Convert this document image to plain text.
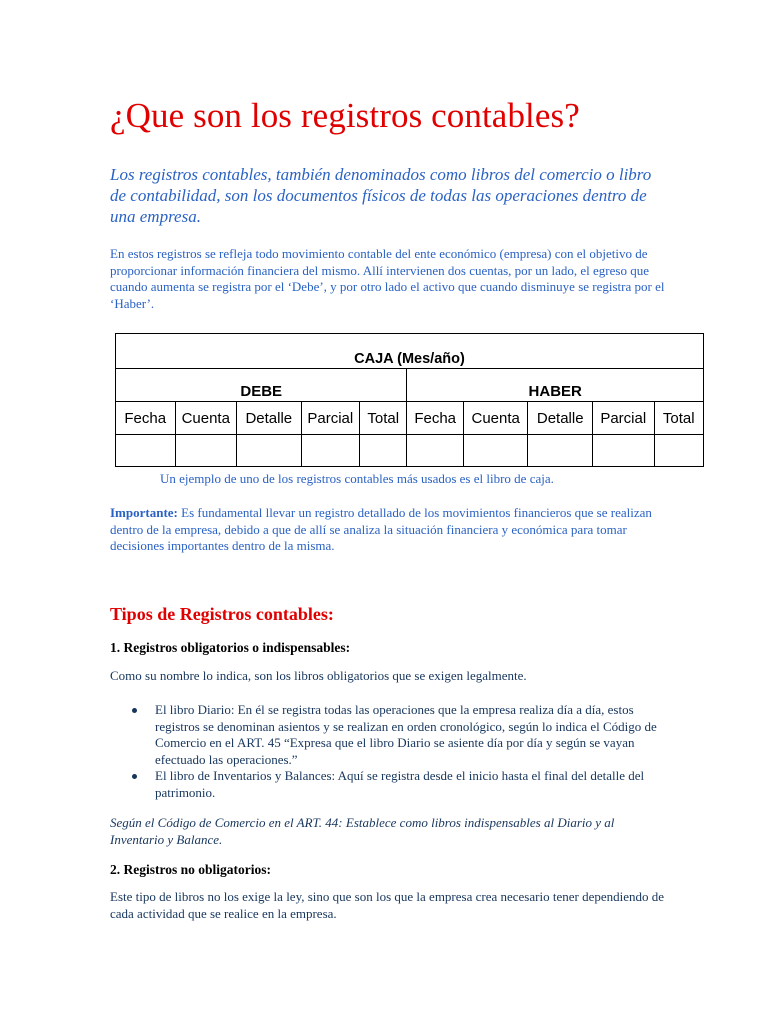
¿Que son los registros contables?

Los registros contables, también denominados como libros del comercio o libro de contabilidad, son los documentos físicos de todas las operaciones dentro de una empresa.

En estos registros se refleja todo movimiento contable del ente económico (empresa) con el objetivo de proporcionar información financiera del mismo. Allí intervienen dos cuentas, por un lado, el egreso que cuando aumenta se registra por el ‘Debe’, y por otro lado el activo que cuando disminuye se registra por el ‘Haber’.

CAJA (Mes/año)									
DEBE					HABER				
Fecha	Cuenta	Detalle	Parcial	Total	Fecha	Cuenta	Detalle	Parcial	Total

Un ejemplo de uno de los registros contables más usados es el libro de caja.

Importante: Es fundamental llevar un registro detallado de los movimientos financieros que se realizan dentro de la empresa, debido a que de allí se analiza la situación financiera y económica para tomar decisiones importantes dentro de la misma.

Tipos de Registros contables:
1. Registros obligatorios o indispensables:

Como su nombre lo indica, son los libros obligatorios que se exigen legalmente.

El libro Diario: En él se registra todas las operaciones que la empresa realiza día a día, estos registros se denominan asientos y se realizan en orden cronológico, según lo indica el Código de Comercio en el ART. 45 “Expresa que el libro Diario se asiente día por día y según se vayan efectuado las operaciones.”
El libro de Inventarios y Balances: Aquí se registra desde el inicio hasta el final del detalle del patrimonio.

Según el Código de Comercio en el ART. 44: Establece como libros indispensables al Diario y al Inventario y Balance.

2. Registros no obligatorios:

Este tipo de libros no los exige la ley, sino que son los que la empresa crea necesario tener dependiendo de cada actividad que se realice en la empresa.
